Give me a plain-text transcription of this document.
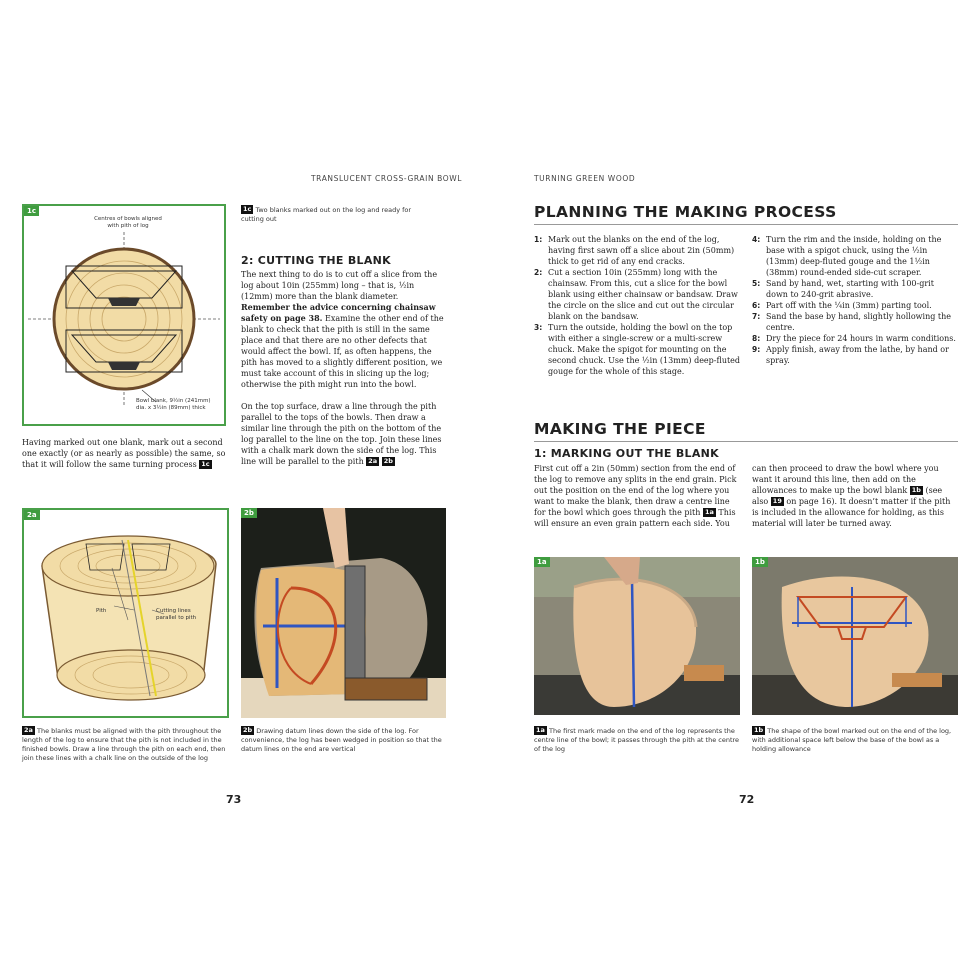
TRANSLUCENT CROSS-GRAIN BOWL
1c
Centres of bowls aligned
with pith of log
Bowl blank, 9½in (241mm)
dia. x 3½in (89mm) thick
1c Two blanks marked out on the log and ready for cutting out
2: CUTTING THE BLANK

The next thing to do is to cut off a slice from the log about 10in (255mm) long – that is, ½in (12mm) more than the blank diameter. Remember the advice concerning chainsaw safety on page 38. Examine the other end of the blank to check that the pith is still in the same place and that there are no other defects that would affect the bowl. If, as often happens, the pith has moved to a slightly different position, we must take account of this in slicing up the log; otherwise the pith might run into the bowl.

On the top surface, draw a line through the pith parallel to the tops of the bowls. Then draw a similar line through the pith on the bottom of the log parallel to the line on the top. Join these lines with a chalk mark down the side of the log. This line will be parallel to the pith 2a 2b

Having marked out one blank, mark out a second one exactly (or as nearly as possible) the same, so that it will follow the same turning process 1c
2a
Pith	Cutting lines
parallel to pith
2b
2a The blanks must be aligned with the pith throughout the length of the log to ensure that the pith is not included in the finished bowls. Draw a line through the pith on each end, then join these lines with a chalk line on the outside of the log
2b Drawing datum lines down the side of the log. For convenience, the log has been wedged in position so that the datum lines on the end are vertical
73
TURNING GREEN WOOD
PLANNING THE MAKING PROCESS
1: Mark out the blanks on the end of the log, having first sawn off a slice about 2in (50mm) thick to get rid of any end cracks.
2: Cut a section 10in (255mm) long with the chainsaw. From this, cut a slice for the bowl blank using either chainsaw or bandsaw. Draw the circle on the slice and cut out the circular blank on the bandsaw.
3: Turn the outside, holding the bowl on the top with either a single-screw or a multi-screw chuck. Make the spigot for mounting on the second chuck. Use the ½in (13mm) deep-fluted gouge for the whole of this stage.
4: Turn the rim and the inside, holding on the base with a spigot chuck, using the ½in (13mm) deep-fluted gouge and the 1½in (38mm) round-ended side-cut scraper.
5: Sand by hand, wet, starting with 100-grit down to 240-grit abrasive.
6: Part off with the ¼in (3mm) parting tool.
7: Sand the base by hand, slightly hollowing the centre.
8: Dry the piece for 24 hours in warm conditions.
9: Apply finish, away from the lathe, by hand or spray.
MAKING THE PIECE
1: MARKING OUT THE BLANK
First cut off a 2in (50mm) section from the end of the log to remove any splits in the end grain. Pick out the position on the end of the log where you want to make the blank, then draw a centre line for the bowl which goes through the pith 1a This will ensure an even grain pattern each side. You
can then proceed to draw the bowl where you want it around this line, then add on the allowances to make up the bowl blank 1b (see also 19 on page 16). It doesn’t matter if the pith is included in the allowance for holding, as this material will later be turned away.
1a	1b
1a The first mark made on the end of the log represents the centre line of the bowl; it passes through the pith at the centre of the log
1b The shape of the bowl marked out on the end of the log, with additional space left below the base of the bowl as a holding allowance
72
